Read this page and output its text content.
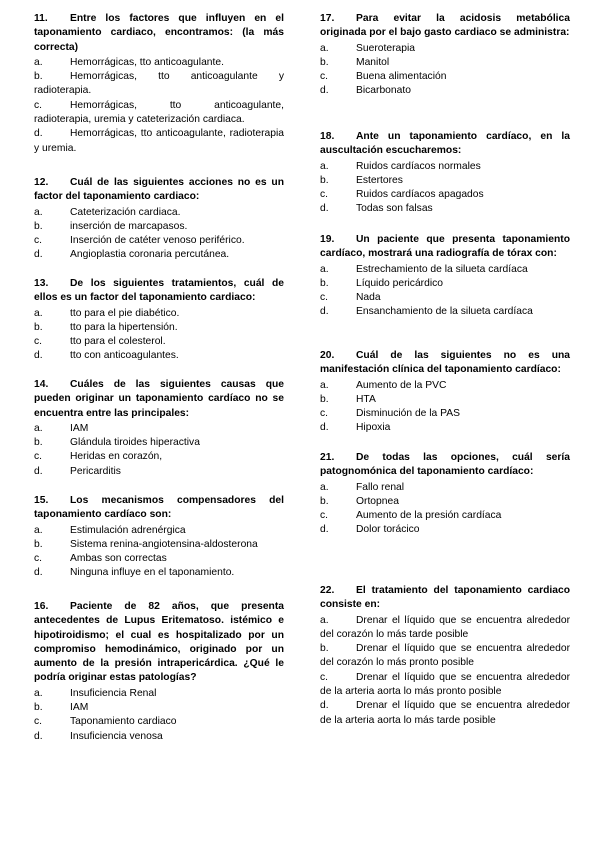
11. Entre los factores que influyen en el taponamiento cardiaco, encontramos: (la más correcta)
a.	Hemorrágicas, tto anticoagulante.
b.	Hemorrágicas, tto anticoagulante y radioterapia.
c.	Hemorrágicas, tto anticoagulante, radioterapia, uremia y cateterización cardiaca.
d.	Hemorrágicas, tto anticoagulante, radioterapia y uremia.
12. Cuál de las siguientes acciones no es un factor del taponamiento cardiaco:
a.	Cateterización cardiaca.
b.	inserción de marcapasos.
c.	Inserción de catéter venoso periférico.
d.	Angioplastia coronaria percutánea.
13. De los siguientes tratamientos, cuál de ellos es un factor del taponamiento cardiaco:
a.	tto para el pie diabético.
b.	tto para la hipertensión.
c.	tto para el colesterol.
d.	tto con anticoagulantes.
14. Cuáles de las siguientes causas que pueden originar un taponamiento cardíaco no se encuentra entre las principales:
a.	IAM
b.	Glándula tiroides hiperactiva
c.	Heridas en corazón,
d.	Pericarditis
15. Los mecanismos compensadores del taponamiento cardíaco son:
a.	Estimulación adrenérgica
b.	Sistema renina-angiotensina-aldosterona
c.	Ambas son correctas
d.	Ninguna influye en el taponamiento.
16. Paciente de 82 años, que presenta antecedentes de Lupus Eritematoso. istémico e hipotiroidismo; el cual es hospitalizado por un compromiso hemodinámico, originado por un aumento de la presión intrapericárdica. ¿Qué le podría originar estas patologías?
a.	Insuficiencia Renal
b.	IAM
c.	Taponamiento cardiaco
d.	Insuficiencia venosa
17. Para evitar la acidosis metabólica originada por el bajo gasto cardiaco se administra:
a.	Sueroterapia
b.	Manitol
c.	Buena alimentación
d.	Bicarbonato
18. Ante un taponamiento cardíaco, en la auscultación escucharemos:
a.	Ruidos cardíacos normales
b.	Estertores
c.	Ruidos cardíacos apagados
d.	Todas son falsas
19. Un paciente que presenta taponamiento cardíaco, mostrará una radiografía de tórax con:
a.	Estrechamiento de la silueta cardíaca
b.	Líquido pericárdico
c.	Nada
d.	Ensanchamiento de la silueta cardíaca
20. Cuál de las siguientes no es una manifestación clínica del taponamiento cardíaco:
a.	Aumento de la PVC
b.	HTA
c.	Disminución de la PAS
d.	Hipoxia
21. De todas las opciones, cuál sería patognomónica del taponamiento cardíaco:
a.	Fallo renal
b.	Ortopnea
c.	Aumento de la presión cardíaca
d.	Dolor torácico
22. El tratamiento del taponamiento cardiaco consiste en:
a.	Drenar el líquido que se encuentra alrededor del corazón lo más tarde posible
b.	Drenar el líquido que se encuentra alrededor del corazón lo más pronto posible
c.	Drenar el líquido que se encuentra alrededor de la arteria aorta lo más pronto posible
d.	Drenar el líquido que se encuentra alrededor de la arteria aorta lo más tarde posible
